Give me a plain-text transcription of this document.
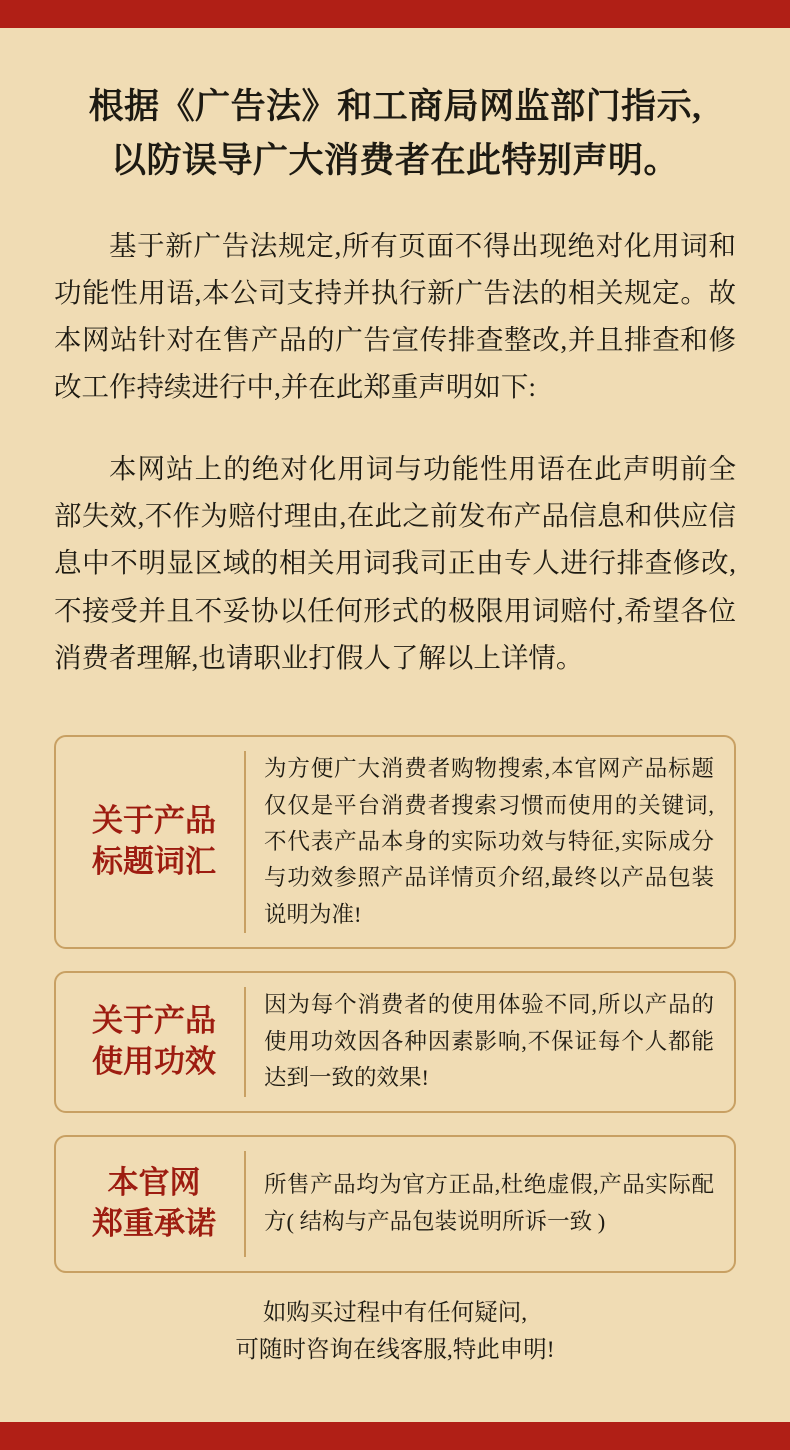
根据《广告法》和工商局网监部门指示,
以防误导广大消费者在此特别声明。

基于新广告法规定,所有页面不得出现绝对化用词和功能性用语,本公司支持并执行新广告法的相关规定。故本网站针对在售产品的广告宣传排查整改,并且排查和修改工作持续进行中,并在此郑重声明如下:

本网站上的绝对化用词与功能性用语在此声明前全部失效,不作为赔付理由,在此之前发布产品信息和供应信息中不明显区域的相关用词我司正由专人进行排查修改,不接受并且不妥协以任何形式的极限用词赔付,希望各位消费者理解,也请职业打假人了解以上详情。

关于产品
标题词汇
为方便广大消费者购物搜索,本官网产品标题仅仅是平台消费者搜索习惯而使用的关键词,不代表产品本身的实际功效与特征,实际成分与功效参照产品详情页介绍,最终以产品包装说明为准!
关于产品
使用功效
因为每个消费者的使用体验不同,所以产品的使用功效因各种因素影响,不保证每个人都能达到一致的效果!
本官网
郑重承诺
所售产品均为官方正品,杜绝虚假,产品实际配方( 结构与产品包装说明所诉一致 )
如购买过程中有任何疑问,
可随时咨询在线客服,特此申明!
